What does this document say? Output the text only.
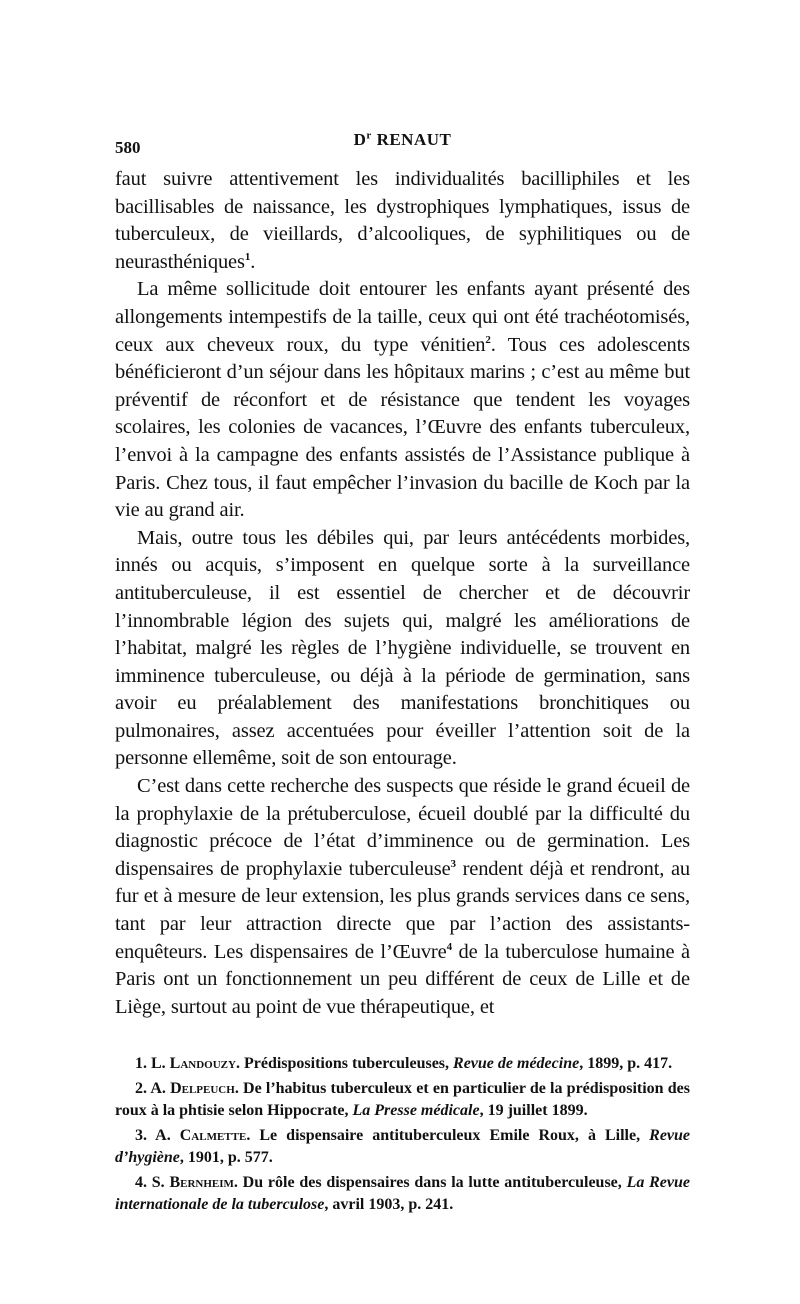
580	$D^r$ RENAUT

faut suivre attentivement les individualités bacilliphiles et les bacillisables de naissance, les dystrophiques lymphatiques, issus de tuberculeux, de vieillards, d’alcooliques, de syphilitiques ou de neurasthéniques$^1$.

La même sollicitude doit entourer les enfants ayant présenté des allongements intempestifs de la taille, ceux qui ont été trachéotomisés, ceux aux cheveux roux, du type vénitien$^2$. Tous ces adolescents bénéficieront d’un séjour dans les hôpitaux marins ; c’est au même but préventif de réconfort et de résistance que tendent les voyages scolaires, les colonies de vacances, l’Œuvre des enfants tuberculeux, l’envoi à la campagne des enfants assistés de l’Assistance publique à Paris. Chez tous, il faut empêcher l’invasion du bacille de Koch par la vie au grand air.

Mais, outre tous les débiles qui, par leurs antécédents morbides, innés ou acquis, s’imposent en quelque sorte à la surveillance antituberculeuse, il est essentiel de chercher et de découvrir l’innombrable légion des sujets qui, malgré les améliorations de l’habitat, malgré les règles de l’hygiène individuelle, se trouvent en imminence tuberculeuse, ou déjà à la période de germination, sans avoir eu préalablement des manifestations bronchitiques ou pulmonaires, assez accentuées pour éveiller l’attention soit de la personne ellemême, soit de son entourage.

C’est dans cette recherche des suspects que réside le grand écueil de la prophylaxie de la prétuberculose, écueil doublé par la difficulté du diagnostic précoce de l’état d’imminence ou de germination. Les dispensaires de prophylaxie tuberculeuse$^3$ rendent déjà et rendront, au fur et à mesure de leur extension, les plus grands services dans ce sens, tant par leur attraction directe que par l’action des assistants-enquêteurs. Les dispensaires de l’Œuvre$^4$ de la tuberculose humaine à Paris ont un fonctionnement un peu différent de ceux de Lille et de Liège, surtout au point de vue thérapeutique, et

1. L. Landouzy. Prédispositions tuberculeuses, Revue de médecine, 1899, p. 417.

2. A. Delpeuch. De l’habitus tuberculeux et en particulier de la prédisposition des roux à la phtisie selon Hippocrate, La Presse médicale, 19 juillet 1899.

3. A. Calmette. Le dispensaire antituberculeux Emile Roux, à Lille, Revue d’hygiène, 1901, p. 577.

4. S. Bernheim. Du rôle des dispensaires dans la lutte antituberculeuse, La Revue internationale de la tuberculose, avril 1903, p. 241.
